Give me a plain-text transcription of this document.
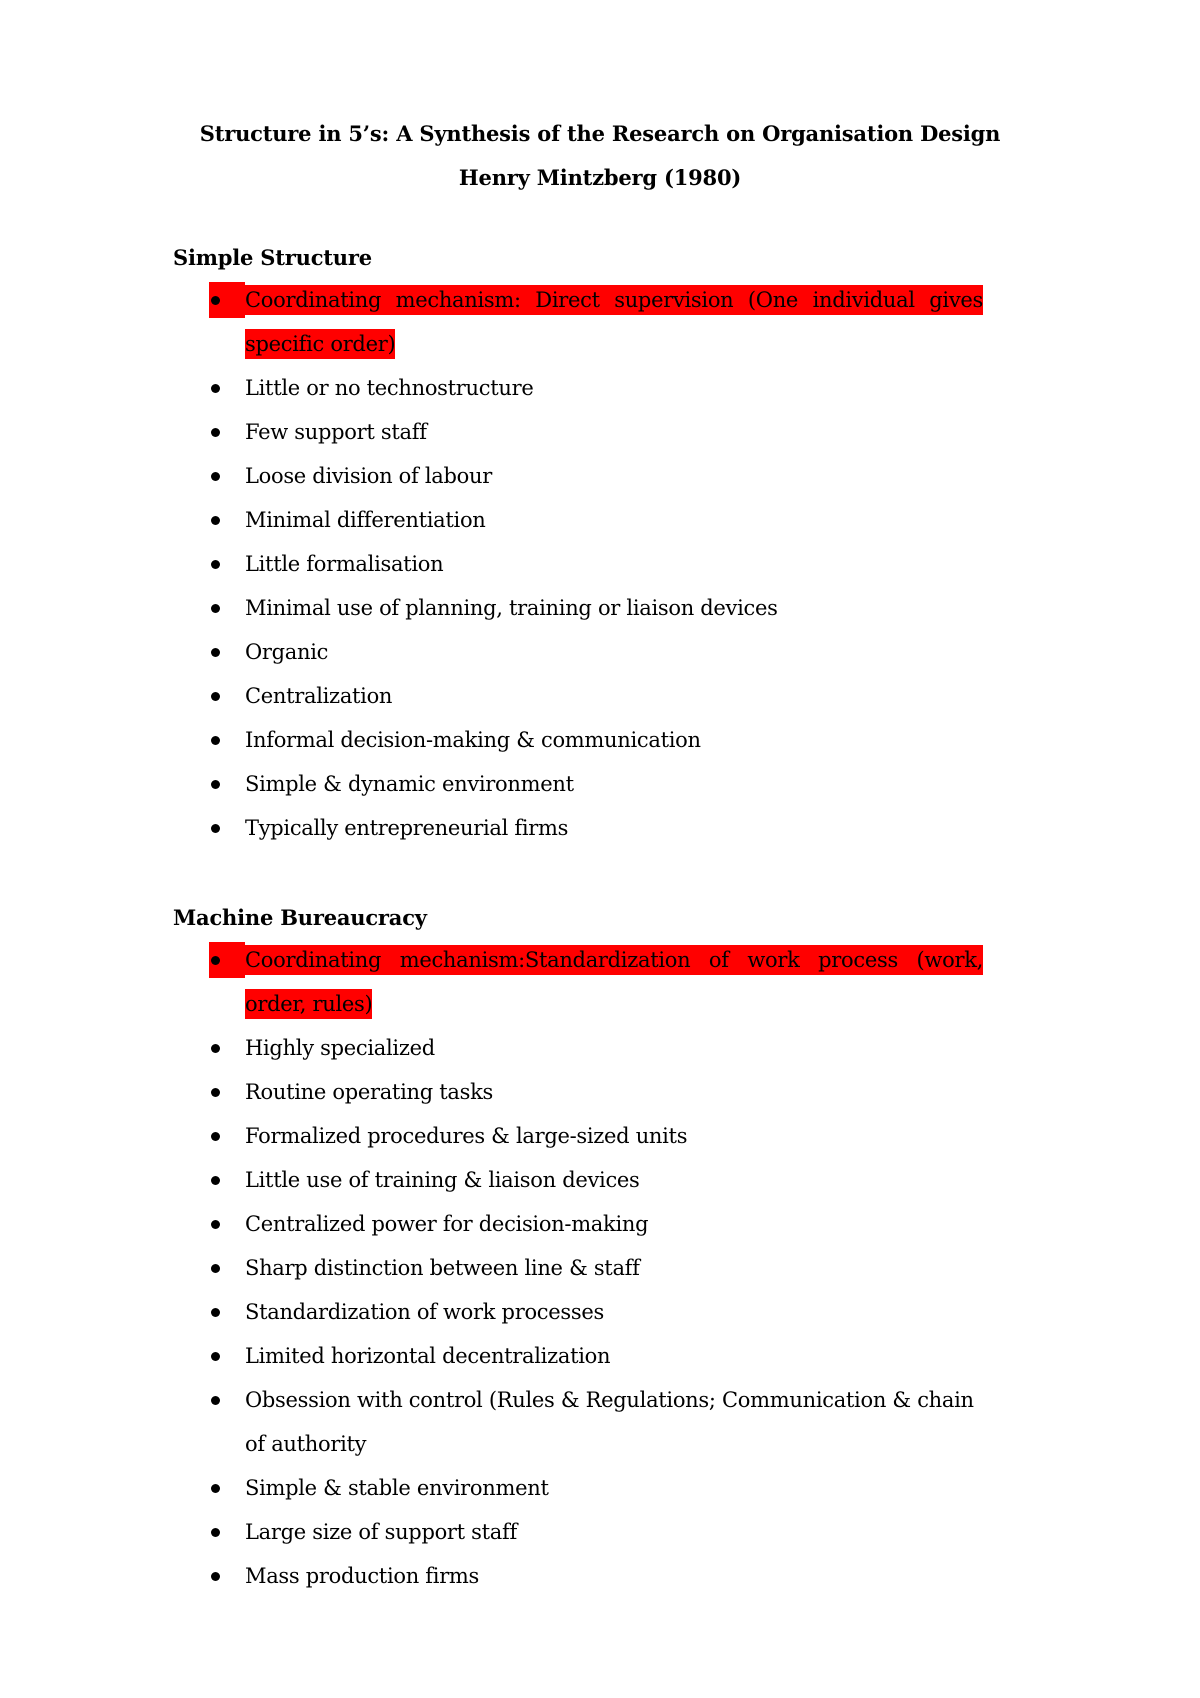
Structure in 5’s: A Synthesis of the Research on Organisation Design
Henry Mintzberg (1980)
Simple Structure
Coordinating mechanism: Direct supervision (One individual gives specific order)
Little or no technostructure
Few support staff
Loose division of labour
Minimal differentiation
Little formalisation
Minimal use of planning, training or liaison devices
Organic
Centralization
Informal decision-making & communication
Simple & dynamic environment
Typically entrepreneurial firms
Machine Bureaucracy
Coordinating mechanism:Standardization of work process (work, order, rules)
Highly specialized
Routine operating tasks
Formalized procedures & large-sized units
Little use of training & liaison devices
Centralized power for decision-making
Sharp distinction between line & staff
Standardization of work processes
Limited horizontal decentralization
Obsession with control (Rules & Regulations; Communication & chain of authority
Simple & stable environment
Large size of support staff
Mass production firms
